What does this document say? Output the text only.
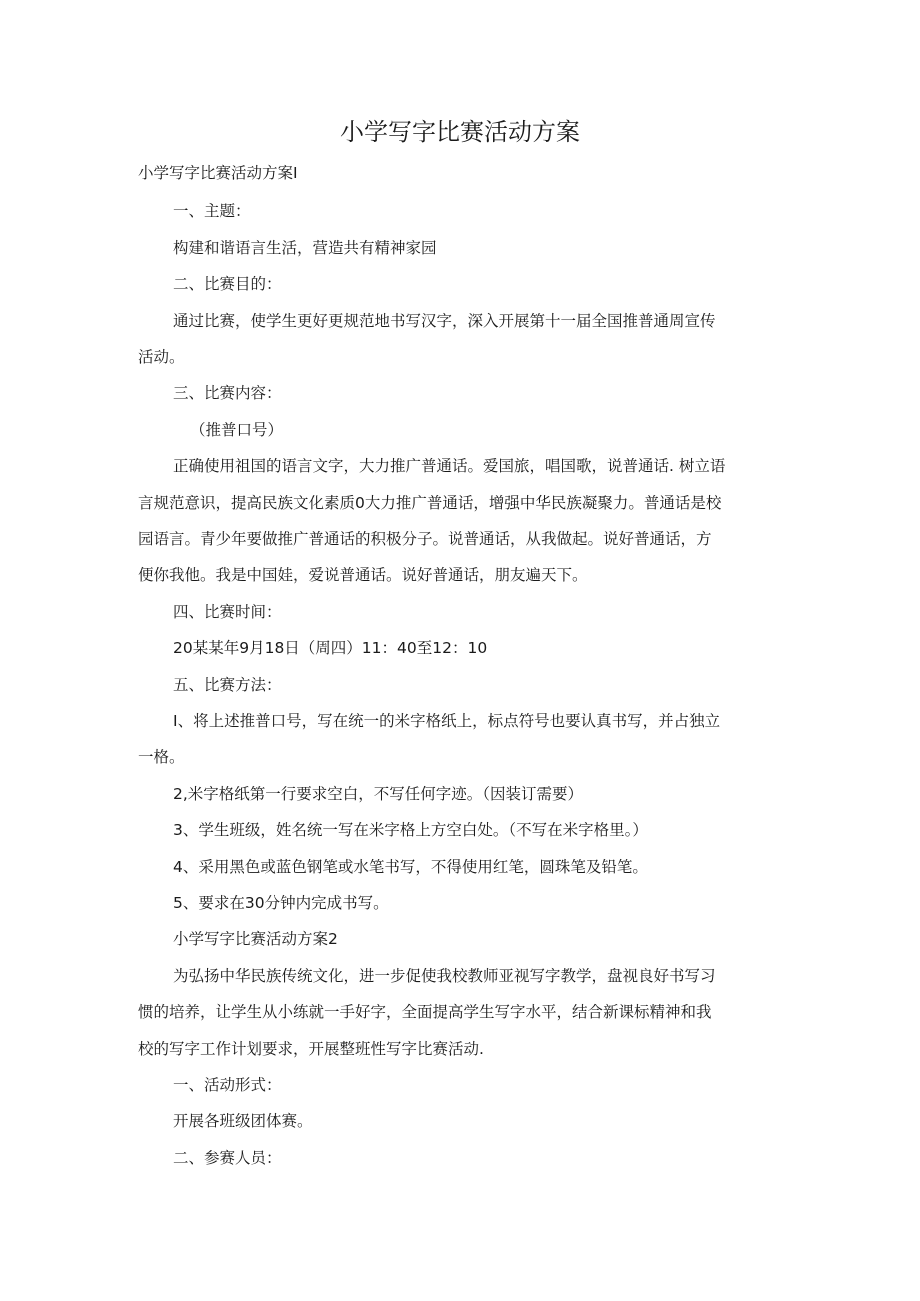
小学写字比赛活动方案
小学写字比赛活动方案I
一、主题：
构建和谐语言生活，营造共有精神家园
二、比赛目的：
通过比赛，使学生更好更规范地书写汉字，深入开展第十一届全国推普通周宣传
活动。
三、比赛内容：
（推普口号）
正确使用祖国的语言文字，大力推广普通话。爱国旅，唱国歌，说普通话. 树立语
言规范意识，提高民族文化素质0大力推广普通话，增强中华民族凝聚力。普通话是校
园语言。青少年要做推广普通话的积极分子。说普通话，从我做起。说好普通话，方
便你我他。我是中国娃，爱说普通话。说好普通话，朋友遍天下。
四、比赛时间：
20某某年9月18日（周四）11：40至12：10
五、比赛方法：
I、将上述推普口号，写在统一的米字格纸上，标点符号也要认真书写，并占独立
一格。
2,米字格纸第一行要求空白，不写任何字迹。（因装订需要）
3、学生班级，姓名统一写在米字格上方空白处。（不写在米字格里。）
4、采用黑色或蓝色钢笔或水笔书写，不得使用红笔，圆珠笔及铅笔。
5、要求在30分钟内完成书写。
小学写字比赛活动方案2
为弘扬中华民族传统文化，进一步促使我校教师亚视写字教学，盘视良好书写习
惯的培养，让学生从小练就一手好字，全面提高学生写字水平，结合新课标精神和我
校的写字工作计划要求，开展整班性写字比赛活动.
一、活动形式：
开展各班级团体赛。
二、参赛人员：
